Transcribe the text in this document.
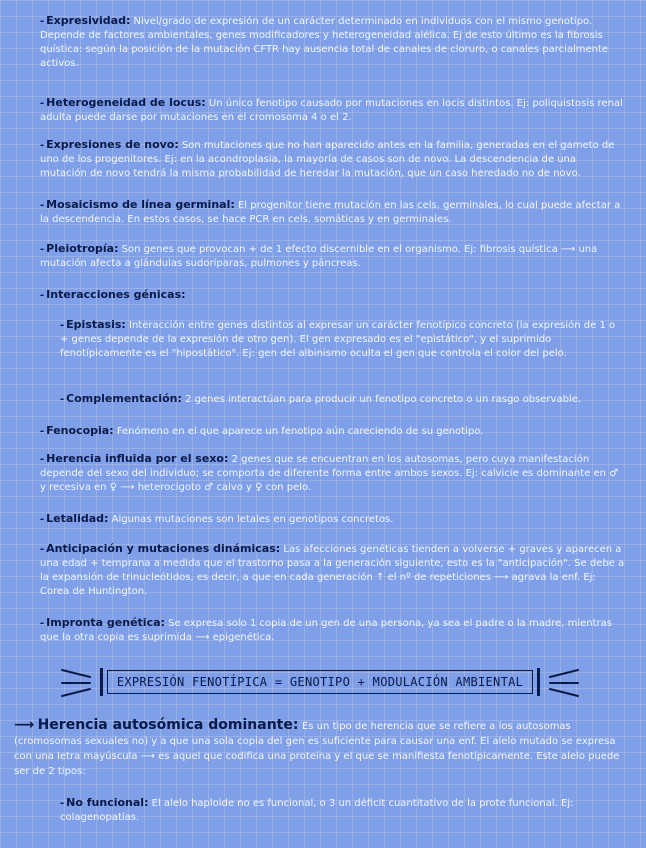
- Expresividad: Nivel/grado de expresión de un carácter determinado en individuos con el mismo genotipo. Depende de factores ambientales, genes modificadores y heterogeneidad alélica. Ej de esto último es la fibrosis quística: según la posición de la mutación CFTR hay ausencia total de canales de cloruro, o canales parcialmente activos.
- Heterogeneidad de locus: Un único fenotipo causado por mutaciones en locis distintos. Ej: poliquistosis renal adulta puede darse por mutaciones en el cromosoma 4 o el 2.
- Expresiones de novo: Son mutaciones que no han aparecido antes en la familia, generadas en el gameto de uno de los progenitores. Ej: en la acondroplasia, la mayoría de casos son de novo. La descendencia de una mutación de novo tendrá la misma probabilidad de heredar la mutación, que un caso heredado no de novo.
- Mosaicismo de línea germinal: El progenitor tiene mutación en las cels. germinales, lo cual puede afectar a la descendencia. En estos casos, se hace PCR en cels. somáticas y en germinales.
- Pleiotropía: Son genes que provocan + de 1 efecto discernible en el organismo. Ej: fibrosis quística ⟶ una mutación afecta a glándulas sudoríparas, pulmones y páncreas.
- Interacciones génicas:
- Epistasis: Interacción entre genes distintos al expresar un carácter fenotípico concreto (la expresión de 1 o + genes depende de la expresión de otro gen). El gen expresado es el "epistático", y el suprimido fenotípicamente es el "hipostático". Ej: gen del albinismo oculta el gen que controla el color del pelo.
- Complementación: 2 genes interactúan para producir un fenotipo concreto o un rasgo observable.
- Fenocopia: Fenómeno en el que aparece un fenotipo aún careciendo de su genotipo.
- Herencia influida por el sexo: 2 genes que se encuentran en los autosomas, pero cuya manifestación depende del sexo del individuo; se comporta de diferente forma entre ambos sexos. Ej: calvicie es dominante en ♂ y recesiva en ♀ ⟶ heterocigoto ♂ calvo y ♀ con pelo.
- Letalidad: Algunas mutaciones son letales en genotipos concretos.
- Anticipación y mutaciones dinámicas: Las afecciones genéticas tienden a volverse + graves y aparecen a una edad + temprana a medida que el trastorno pasa a la generación siguiente, esto es la "anticipación". Se debe a la expansión de trinucleótidos, es decir, a que en cada generación ↑ el nº de repeticiones ⟶ agrava la enf. Ej: Corea de Huntington.
- Impronta genética: Se expresa solo 1 copia de un gen de una persona, ya sea el padre o la madre, mientras que la otra copia es suprimida ⟶ epigenética.
EXPRESIÓN FENOTÍPICA = GENOTIPO + MODULACIÓN AMBIENTAL
⟶ Herencia autosómica dominante: Es un tipo de herencia que se refiere a los autosomas (cromosomas sexuales no) y a que una sola copia del gen es suficiente para causar una enf. El alelo mutado se expresa con una letra mayúscula ⟶ es aquel que codifica una proteína y el que se manifiesta fenotípicamente. Este alelo puede ser de 2 tipos:
- No funcional: El alelo haploide no es funcional, o 3 un déficit cuantitativo de la prote funcional. Ej: colagenopatías.
